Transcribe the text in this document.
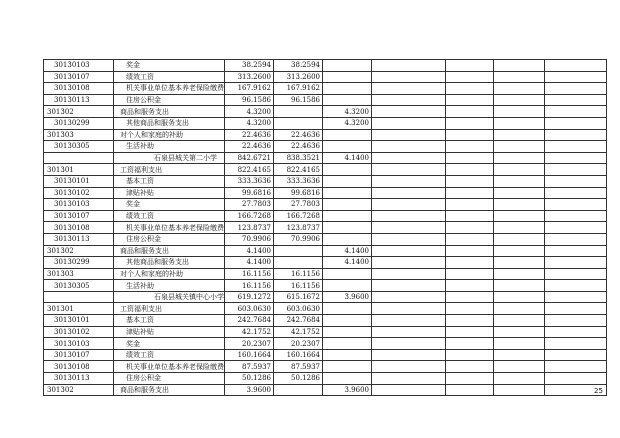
30130103	奖金	38.2594	38.2594					
30130107	绩效工资	313.2600	313.2600					
30130108	机关事业单位基本养老保险缴费	167.9162	167.9162					
30130113	住房公积金	96.1586	96.1586					
301302	商品和服务支出	4.3200		4.3200				
30130299	其他商品和服务支出	4.3200		4.3200				
301303	对个人和家庭的补助	22.4636	22.4636					
30130305	生活补助	22.4636	22.4636					
	石泉县城关第二小学	842.6721	838.3521	4.1400				
301301	工资福利支出	822.4165	822.4165					
30130101	基本工资	333.3636	333.3636					
30130102	津贴补贴	99.6816	99.6816					
30130103	奖金	27.7803	27.7803					
30130107	绩效工资	166.7268	166.7268					
30130108	机关事业单位基本养老保险缴费	123.8737	123.8737					
30130113	住房公积金	70.9906	70.9906					
301302	商品和服务支出	4.1400		4.1400				
30130299	其他商品和服务支出	4.1400		4.1400				
301303	对个人和家庭的补助	16.1156	16.1156					
30130305	生活补助	16.1156	16.1156					
	石泉县城关镇中心小学	619.1272	615.1672	3.9600				
301301	工资福利支出	603.0630	603.0630					
30130101	基本工资	242.7684	242.7684					
30130102	津贴补贴	42.1752	42.1752					
30130103	奖金	20.2307	20.2307					
30130107	绩效工资	160.1664	160.1664					
30130108	机关事业单位基本养老保险缴费	87.5937	87.5937					
30130113	住房公积金	50.1286	50.1286					
301302	商品和服务支出	3.9600		3.9600					25
